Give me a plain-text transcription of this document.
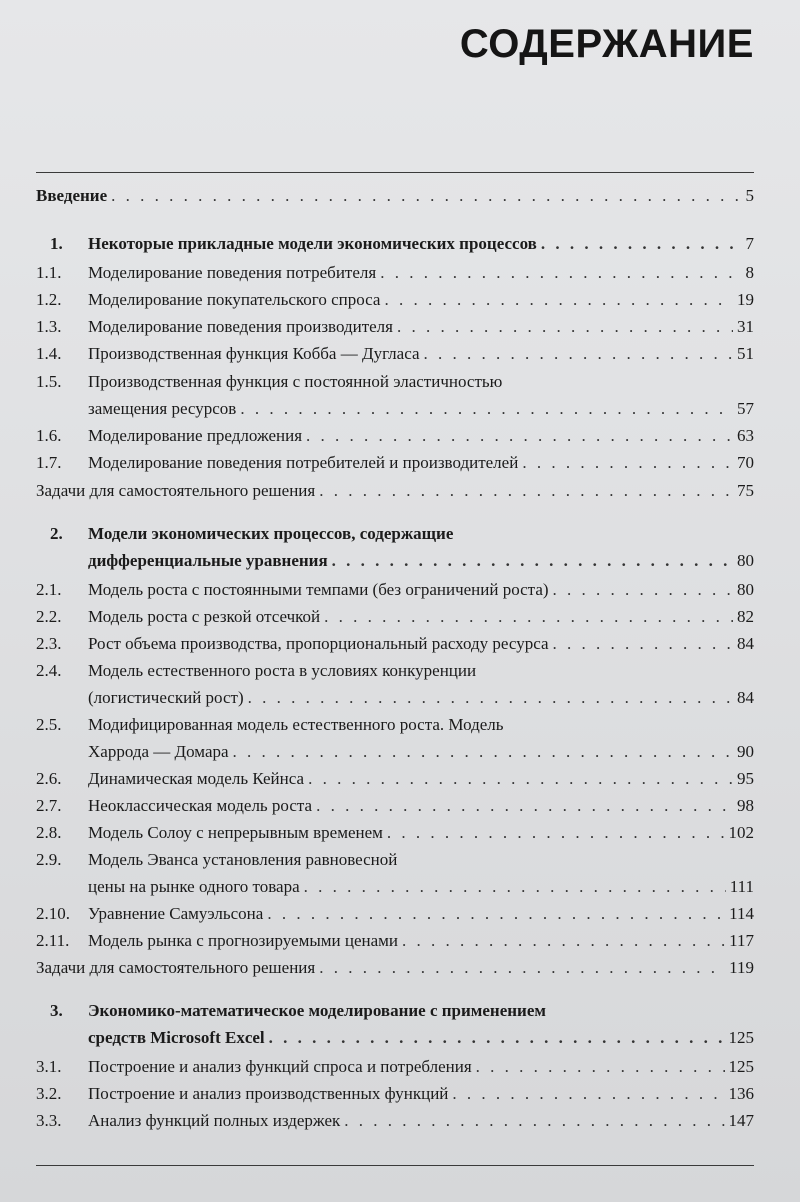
СОДЕРЖАНИЕ
Введение . . .	5
1.	Некоторые прикладные модели экономических процессов . . .	7
1.1.	Моделирование поведения потребителя . . .	8
1.2.	Моделирование покупательского спроса . . .	19
1.3.	Моделирование поведения производителя . . .	31
1.4.	Производственная функция Кобба — Дугласа . . .	51
1.5.	Производственная функция с постоянной эластичностью
замещения ресурсов . . .	57
1.6.	Моделирование предложения . . .	63
1.7.	Моделирование поведения потребителей и производителей . . .	70
Задачи для самостоятельного решения . . .	75
2.	Модели экономических процессов, содержащие
дифференциальные уравнения . . .	80
2.1.	Модель роста с постоянными темпами (без ограничений роста) . . .	80
2.2.	Модель роста с резкой отсечкой . . .	82
2.3.	Рост объема производства, пропорциональный расходу ресурса . . .	84
2.4.	Модель естественного роста в условиях конкуренции
(логистический рост) . . .	84
2.5.	Модифицированная модель естественного роста. Модель
Харрода — Домара . . .	90
2.6.	Динамическая модель Кейнса . . .	95
2.7.	Неоклассическая модель роста . . .	98
2.8.	Модель Солоу с непрерывным временем . . .	102
2.9.	Модель Эванса установления равновесной
цены на рынке одного товара . . .	111
2.10.	Уравнение Самуэльсона . . .	114
2.11.	Модель рынка с прогнозируемыми ценами . . .	117
Задачи для самостоятельного решения . . .	119
3.	Экономико-математическое моделирование с применением
средств Microsoft Excel . . .	125
3.1.	Построение и анализ функций спроса и потребления . . .	125
3.2.	Построение и анализ производственных функций . . .	136
3.3.	Анализ функций полных издержек . . .	147
